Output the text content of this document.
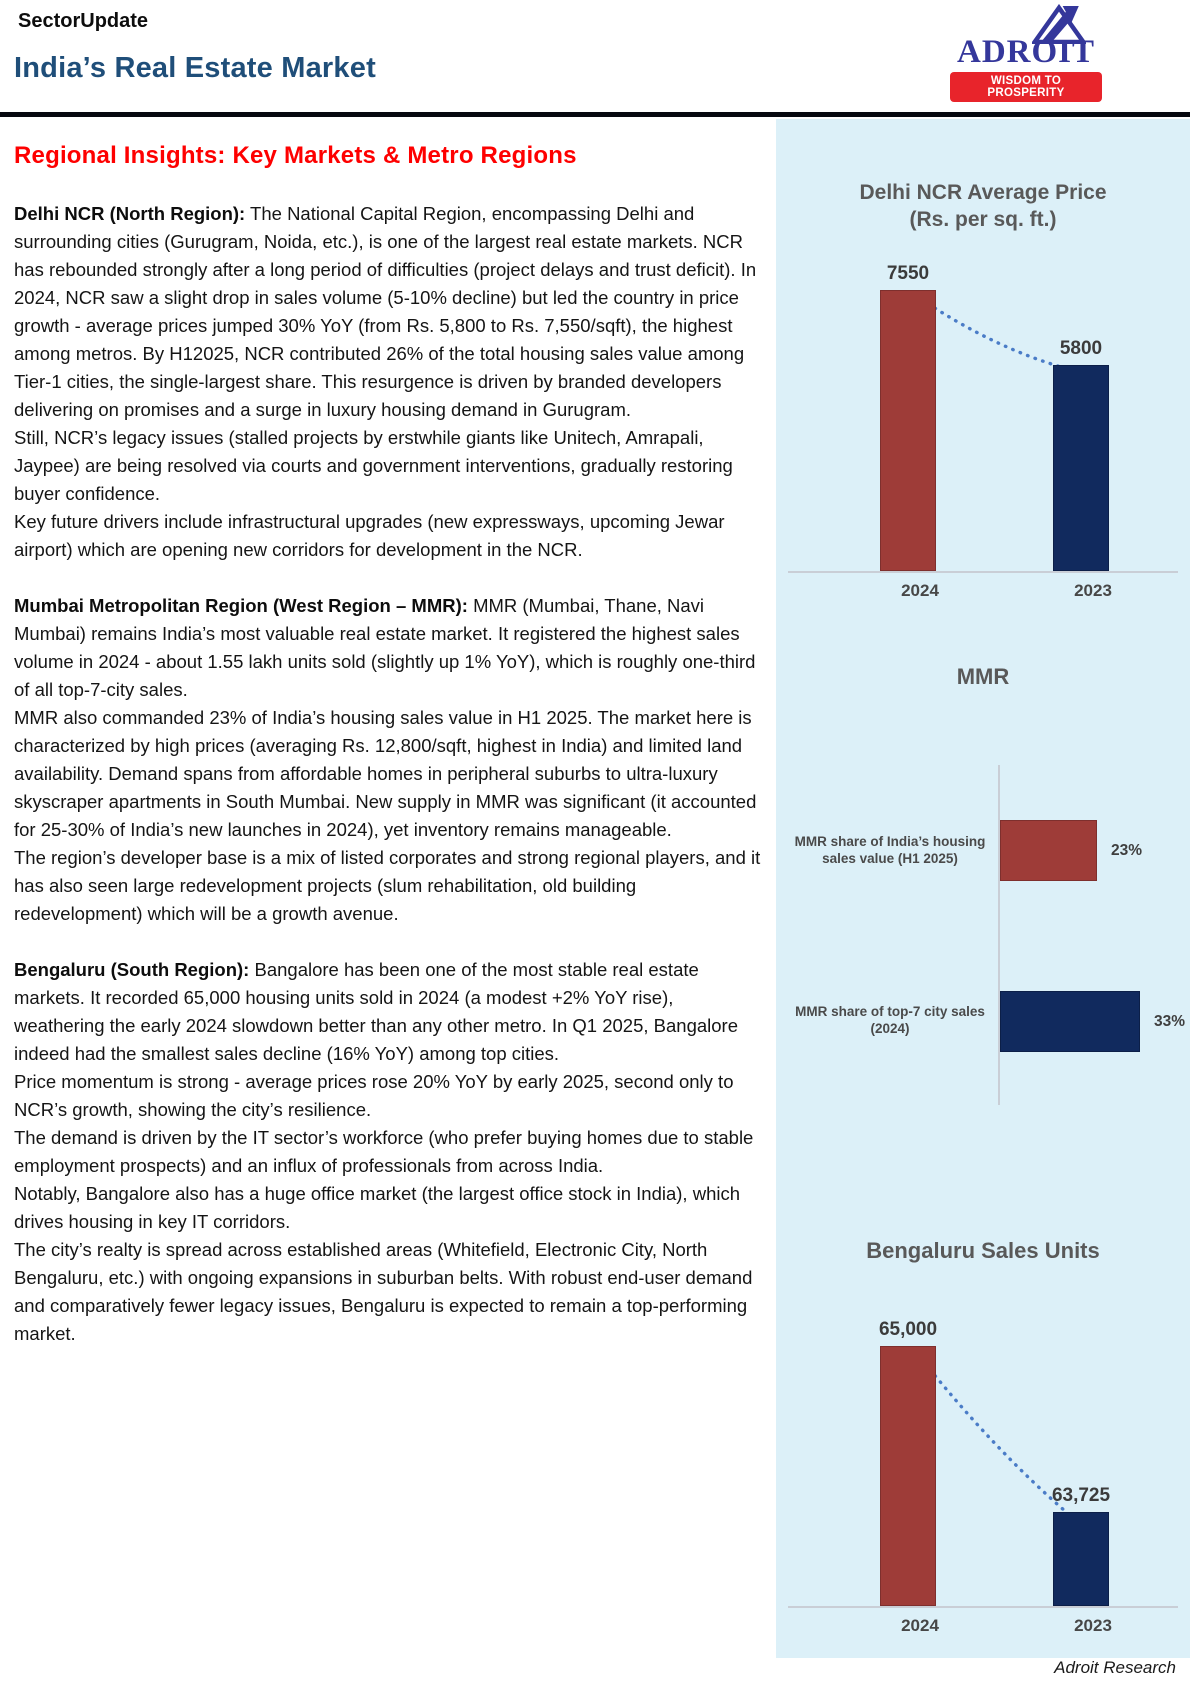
SectorUpdate
India’s Real Estate Market	ADROIT
WISDOM TO PROSPERITY
Regional Insights: Key Markets & Metro Regions

Delhi NCR (North Region): The National Capital Region, encompassing Delhi and surrounding cities (Gurugram, Noida, etc.), is one of the largest real estate markets. NCR has rebounded strongly after a long period of difficulties (project delays and trust deficit). In 2024, NCR saw a slight drop in sales volume (5-10% decline) but led the country in price growth - average prices jumped 30% YoY (from Rs. 5,800 to Rs. 7,550/sqft), the highest among metros. By H12025, NCR contributed 26% of the total housing sales value among Tier-1 cities, the single-largest share. This resurgence is driven by branded developers delivering on promises and a surge in luxury housing demand in Gurugram.

Still, NCR’s legacy issues (stalled projects by erstwhile giants like Unitech, Amrapali, Jaypee) are being resolved via courts and government interventions, gradually restoring buyer confidence.

Key future drivers include infrastructural upgrades (new expressways, upcoming Jewar airport) which are opening new corridors for development in the NCR.

Mumbai Metropolitan Region (West Region – MMR): MMR (Mumbai, Thane, Navi Mumbai) remains India’s most valuable real estate market. It registered the highest sales volume in 2024 - about 1.55 lakh units sold (slightly up 1% YoY), which is roughly one-third of all top-7-city sales.

MMR also commanded 23% of India’s housing sales value in H1 2025. The market here is characterized by high prices (averaging Rs. 12,800/sqft, highest in India) and limited land availability. Demand spans from affordable homes in peripheral suburbs to ultra-luxury skyscraper apartments in South Mumbai. New supply in MMR was significant (it accounted for 25-30% of India’s new launches in 2024), yet inventory remains manageable.

The region’s developer base is a mix of listed corporates and strong regional players, and it has also seen large redevelopment projects (slum rehabilitation, old building redevelopment) which will be a growth avenue.

Bengaluru (South Region): Bangalore has been one of the most stable real estate markets. It recorded 65,000 housing units sold in 2024 (a modest +2% YoY rise), weathering the early 2024 slowdown better than any other metro. In Q1 2025, Bangalore indeed had the smallest sales decline (16% YoY) among top cities.

Price momentum is strong - average prices rose 20% YoY by early 2025, second only to NCR’s growth, showing the city’s resilience.

The demand is driven by the IT sector’s workforce (who prefer buying homes due to stable employment prospects) and an influx of professionals from across India.

Notably, Bangalore also has a huge office market (the largest office stock in India), which drives housing in key IT corridors.

The city’s realty is spread across established areas (Whitefield, Electronic City, North Bengaluru, etc.) with ongoing expansions in suburban belts. With robust end-user demand and comparatively fewer legacy issues, Bengaluru is expected to remain a top-performing market.

Delhi NCR Average Price
(Rs. per sq. ft.)
7550
5800
2024	2023
MMR
MMR share of India’s housing sales value (H1 2025)
MMR share of top-7 city sales (2024)
23%
33%
Bengaluru Sales Units
65,000
63,725
2024	2023
Adroit Research
